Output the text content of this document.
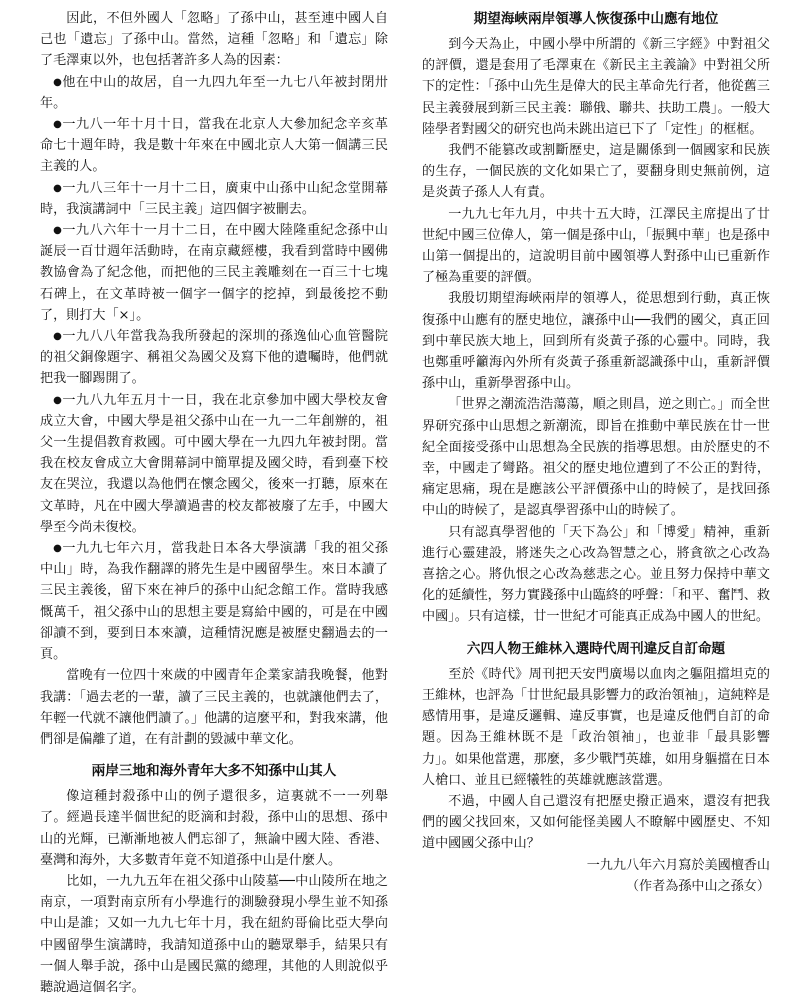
因此，不但外國人「忽略」了孫中山，甚至連中國人自己也「遺忘」了孫中山。當然，這種「忽略」和「遺忘」除了毛澤東以外，也包括著許多人為的因素：

●他在中山的故居，自一九四九年至一九七八年被封閉卅年。

●一九八一年十月十日，當我在北京人大參加紀念辛亥革命七十週年時，我是數十年來在中國北京人大第一個講三民主義的人。

●一九八三年十一月十二日，廣東中山孫中山紀念堂開幕時，我演講詞中「三民主義」這四個字被刪去。

●一九八六年十一月十二日，在中國大陸隆重紀念孫中山誕辰一百廿週年活動時，在南京藏經樓，我看到當時中國佛教協會為了紀念他，而把他的三民主義雕刻在一百三十七塊石碑上，在文革時被一個字一個字的挖掉，到最後挖不動了，則打大「×」。

●一九八八年當我為我所發起的深圳的孫逸仙心血管醫院的祖父銅像題字、稱祖父為國父及寫下他的遺囑時，他們就把我一腳踢開了。

●一九八九年五月十一日，我在北京參加中國大學校友會成立大會，中國大學是祖父孫中山在一九一二年創辦的，祖父一生提倡教育救國。可中國大學在一九四九年被封閉。當我在校友會成立大會開幕詞中簡單提及國父時，看到臺下校友在哭泣，我還以為他們在懷念國父，後來一打聽，原來在文革時，凡在中國大學讀過書的校友都被廢了左手，中國大學至今尚未復校。

●一九九七年六月，當我赴日本各大學演講「我的祖父孫中山」時，為我作翻譯的將先生是中國留學生。來日本讀了三民主義後，留下來在神戶的孫中山紀念館工作。當時我感慨萬千，祖父孫中山的思想主要是寫給中國的，可是在中國卻讀不到，要到日本來讀，這種情況應是被歷史翻過去的一頁。

當晚有一位四十來歲的中國青年企業家請我晚餐，他對我講：「過去老的一輩，讀了三民主義的，也就讓他們去了，年輕一代就不讓他們讀了。」他講的這麼平和，對我來講，他們卻是偏離了道，在有計劃的毀滅中華文化。

兩岸三地和海外青年大多不知孫中山其人

像這種封殺孫中山的例子還很多，這裏就不一一列舉了。經過長達半個世紀的貶滴和封殺，孫中山的思想、孫中山的光輝，已漸漸地被人們忘卻了，無論中國大陸、香港、臺灣和海外，大多數青年竟不知道孫中山是什麼人。

比如，一九九五年在祖父孫中山陵墓──中山陵所在地之南京，一項對南京所有小學進行的測驗發現小學生並不知孫中山是誰；又如一九九七年十月，我在紐約哥倫比亞大學向中國留學生演講時，我請知道孫中山的聽眾舉手，結果只有一個人舉手說，孫中山是國民黨的總理，其他的人則說似乎聽說過這個名字。

期望海峽兩岸領導人恢復孫中山應有地位

到今天為止，中國小學中所謂的《新三字經》中對祖父的評價，還是套用了毛澤東在《新民主主義論》中對祖父所下的定性：「孫中山先生是偉大的民主革命先行者，他從舊三民主義發展到新三民主義：聯俄、聯共、扶助工農」。一般大陸學者對國父的研究也尚未跳出這已下了「定性」的框框。

我們不能篡改或割斷歷史，這是關係到一個國家和民族的生存，一個民族的文化如果亡了，要翻身則史無前例，這是炎黃子孫人人有責。

一九九七年九月，中共十五大時，江澤民主席提出了廿世紀中國三位偉人，第一個是孫中山，「振興中華」也是孫中山第一個提出的，這說明目前中國領導人對孫中山已重新作了極為重要的評價。

我殷切期望海峽兩岸的領導人，從思想到行動，真正恢復孫中山應有的歷史地位，讓孫中山──我們的國父，真正回到中華民族大地上，回到所有炎黃子孫的心靈中。同時，我也鄭重呼籲海內外所有炎黃子孫重新認識孫中山，重新評價孫中山，重新學習孫中山。

「世界之潮流浩浩蕩蕩，順之則昌，逆之則亡。」而全世界研究孫中山思想之新潮流，即旨在推動中華民族在廿一世紀全面接受孫中山思想為全民族的指導思想。由於歷史的不幸，中國走了彎路。祖父的歷史地位遭到了不公正的對待，痛定思痛，現在是應該公平評價孫中山的時候了，是找回孫中山的時候了，是認真學習孫中山的時候了。

只有認真學習他的「天下為公」和「博愛」精神，重新進行心靈建設，將迷失之心改為智慧之心，將貪欲之心改為喜捨之心。將仇恨之心改為慈悲之心。並且努力保持中華文化的延續性，努力實踐孫中山臨終的呼聲：「和平、奮鬥、救中國」。只有這樣，廿一世紀才可能真正成為中國人的世紀。

六四人物王維林入選時代周刊違反自訂命題

至於《時代》周刊把天安門廣場以血肉之軀阻擋坦克的王維林，也評為「廿世紀最具影響力的政治領袖」，這純粹是感情用事，是違反邏輯、違反事實，也是違反他們自訂的命題。因為王維林既不是「政治領袖」，也並非「最具影響力」。如果他當選，那麼，多少戰鬥英雄，如用身軀擋在日本人槍口、並且已經犧牲的英雄就應該當選。

不過，中國人自己還沒有把歷史撥正過來，還沒有把我們的國父找回來，又如何能怪美國人不瞭解中國歷史、不知道中國國父孫中山？

一九九八年六月寫於美國檀香山

（作者為孫中山之孫女）
